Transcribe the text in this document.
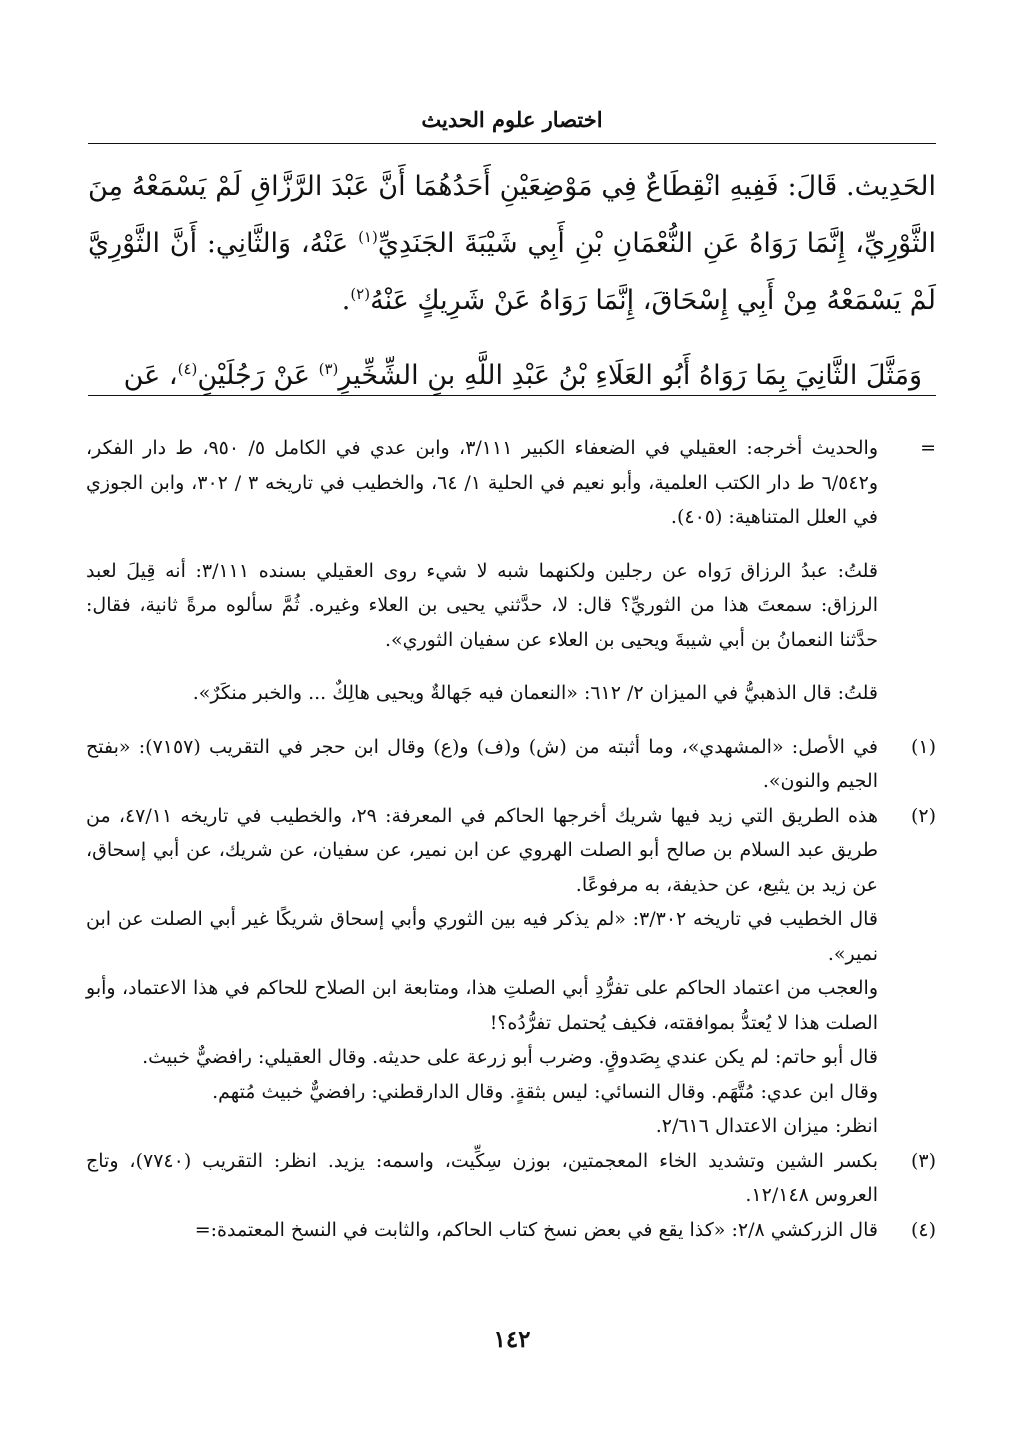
اختصار علوم الحديث

الحَدِيث. قَالَ: فَفِيهِ انْقِطَاعٌ فِي مَوْضِعَيْنِ أَحَدُهُمَا أَنَّ عَبْدَ الرَّزَّاقِ لَمْ يَسْمَعْهُ مِنَ الثَّوْرِيِّ، إِنَّمَا رَوَاهُ عَنِ النُّعْمَانِ بْنِ أَبِي شَيْبَةَ الجَنَدِيِّ$^{(١)}$ عَنْهُ، وَالثَّانِي: أَنَّ الثَّوْرِيَّ لَمْ يَسْمَعْهُ مِنْ أَبِي إِسْحَاقَ، إِنَّمَا رَوَاهُ عَنْ شَرِيكٍ عَنْهُ$^{(٢)}$.

وَمَثَّلَ الثَّانِيَ بِمَا رَوَاهُ أَبُو العَلَاءِ بْنُ عَبْدِ اللَّهِ بنِ الشِّخِّيرِ$^{(٣)}$ عَنْ رَجُلَيْنِ$^{(٤)}$، عَن

=

والحديث أخرجه: العقيلي في الضعفاء الكبير ٣/١١١، وابن عدي في الكامل ٥/ ٩٥٠، ط دار الفكر، و٦/٥٤٢ ط دار الكتب العلمية، وأبو نعيم في الحلية ١/ ٦٤، والخطيب في تاريخه ٣ / ٣٠٢، وابن الجوزي في العلل المتناهية: (٤٠٥).

قلتُ: عبدُ الرزاق رَواه عن رجلين ولكنهما شبه لا شيء روى العقيلي بسنده ٣/١١١: أنه قِيلَ لعبد الرزاق: سمعتَ هذا من الثوريِّ؟ قال: لا، حدَّثني يحيى بن العلاء وغيره. ثُمَّ سألوه مرةً ثانية، فقال: حدَّثنا النعمانُ بن أبي شيبةَ ويحيى بن العلاء عن سفيان الثوري».

قلتُ: قال الذهبيُّ في الميزان ٢/ ٦١٢: «النعمان فيه جَهالةٌ ويحيى هالِكٌ ... والخبر منكَرٌ».

(١)

في الأصل: «المشهدي»، وما أثبته من (ش) و(ف) و(ع) وقال ابن حجر في التقريب (٧١٥٧): «بفتح الجيم والنون».

(٢)

هذه الطريق التي زيد فيها شريك أخرجها الحاكم في المعرفة: ٢٩، والخطيب في تاريخه ٤٧/١١، من طريق عبد السلام بن صالح أبو الصلت الهروي عن ابن نمير، عن سفيان، عن شريك، عن أبي إسحاق، عن زيد بن يثيع، عن حذيفة، به مرفوعًا.

قال الخطيب في تاريخه ٣/٣٠٢: «لم يذكر فيه بين الثوري وأبي إسحاق شريكًا غير أبي الصلت عن ابن نمير».

والعجب من اعتماد الحاكم على تفرُّدِ أبي الصلتِ هذا، ومتابعة ابن الصلاح للحاكم في هذا الاعتماد، وأبو الصلت هذا لا يُعتدُّ بموافقته، فكيف يُحتمل تفرُّدُه؟!

قال أبو حاتم: لم يكن عندي بِصَدوقٍ. وضرب أبو زرعة على حديثه. وقال العقيلي: رافضيٌّ خبيث.

وقال ابن عدي: مُتَّهَم. وقال النسائي: ليس بثقةٍ. وقال الدارقطني: رافضيٌّ خبيث مُتهم.

انظر: ميزان الاعتدال ٢/٦١٦.

(٣)

بكسر الشين وتشديد الخاء المعجمتين، بوزن سِكِّيت، واسمه: يزيد. انظر: التقريب (٧٧٤٠)، وتاج العروس ١٢/١٤٨.

(٤)

قال الزركشي ٢/٨: «كذا يقع في بعض نسخ كتاب الحاكم، والثابت في النسخ المعتمدة:=

١٤٢
